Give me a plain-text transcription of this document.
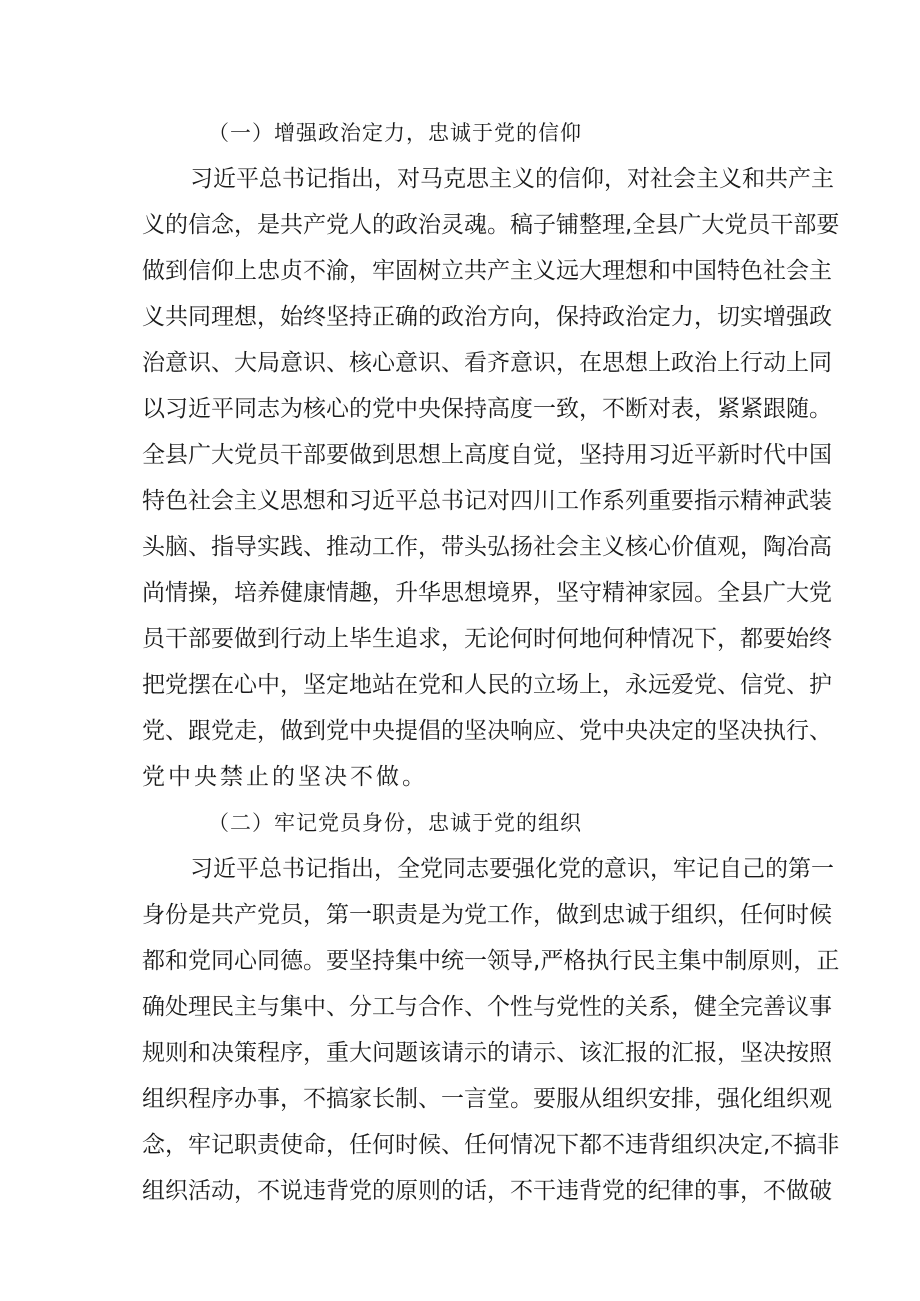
（一）增强政治定力，忠诚于党的信仰
习 近 平 总 书 记 指 出 ， 对 马 克 思 主 义 的 信 仰 ， 对 社 会 主 义 和 共 产 主
义 的 信 念 ， 是 共 产 党 人 的 政 治 灵 魂 。 稿 子 铺 整 理 , 全 县 广 大 党 员 干 部 要
做 到 信 仰 上 忠 贞 不 渝 ， 牢 固 树 立 共 产 主 义 远 大 理 想 和 中 国 特 色 社 会 主
义 共 同 理 想 ， 始 终 坚 持 正 确 的 政 治 方 向 ， 保 持 政 治 定 力 ， 切 实 增 强 政
治 意 识 、 大 局 意 识 、 核 心 意 识 、 看 齐 意 识 ， 在 思 想 上 政 治 上 行 动 上 同
以 习 近 平 同 志 为 核 心 的 党 中 央 保 持 高 度 一 致 ， 不 断 对 表 ， 紧 紧 跟 随 。
全 县 广 大 党 员 干 部 要 做 到 思 想 上 高 度 自 觉 ， 坚 持 用 习 近 平 新 时 代 中 国
特 色 社 会 主 义 思 想 和 习 近 平 总 书 记 对 四 川 工 作 系 列 重 要 指 示 精 神 武 装
头 脑 、 指 导 实 践 、 推 动 工 作 ， 带 头 弘 扬 社 会 主 义 核 心 价 值 观 ， 陶 冶 高
尚 情 操 ， 培 养 健 康 情 趣 ， 升 华 思 想 境 界 ， 坚 守 精 神 家 园 。 全 县 广 大 党
员 干 部 要 做 到 行 动 上 毕 生 追 求 ， 无 论 何 时 何 地 何 种 情 况 下 ， 都 要 始 终
把 党 摆 在 心 中 ， 坚 定 地 站 在 党 和 人 民 的 立 场 上 ， 永 远 爱 党 、 信 党 、 护
党 、 跟 党 走 ， 做 到 党 中 央 提 倡 的 坚 决 响 应 、 党 中 央 决 定 的 坚 决 执 行 、
党中央禁止的坚决不做。
（二）牢记党员身份，忠诚于党的组织
习 近 平 总 书 记 指 出 ， 全 党 同 志 要 强 化 党 的 意 识 ， 牢 记 自 己 的 第 一
身 份 是 共 产 党 员 ， 第 一 职 责 是 为 党 工 作 ， 做 到 忠 诚 于 组 织 ， 任 何 时 候
都 和 党 同 心 同 德 。 要 坚 持 集 中 统 一 领 导 , 严 格 执 行 民 主 集 中 制 原 则 ， 正
确 处 理 民 主 与 集 中 、 分 工 与 合 作 、 个 性 与 党 性 的 关 系 ， 健 全 完 善 议 事
规 则 和 决 策 程 序 ， 重 大 问 题 该 请 示 的 请 示 、 该 汇 报 的 汇 报 ， 坚 决 按 照
组 织 程 序 办 事 ， 不 搞 家 长 制 、 一 言 堂 。 要 服 从 组 织 安 排 ， 强 化 组 织 观
念 ， 牢 记 职 责 使 命 ， 任 何 时 候 、 任 何 情 况 下 都 不 违 背 组 织 决 定 , 不 搞 非
组 织 活 动 ， 不 说 违 背 党 的 原 则 的 话 ， 不 干 违 背 党 的 纪 律 的 事 ， 不 做 破
